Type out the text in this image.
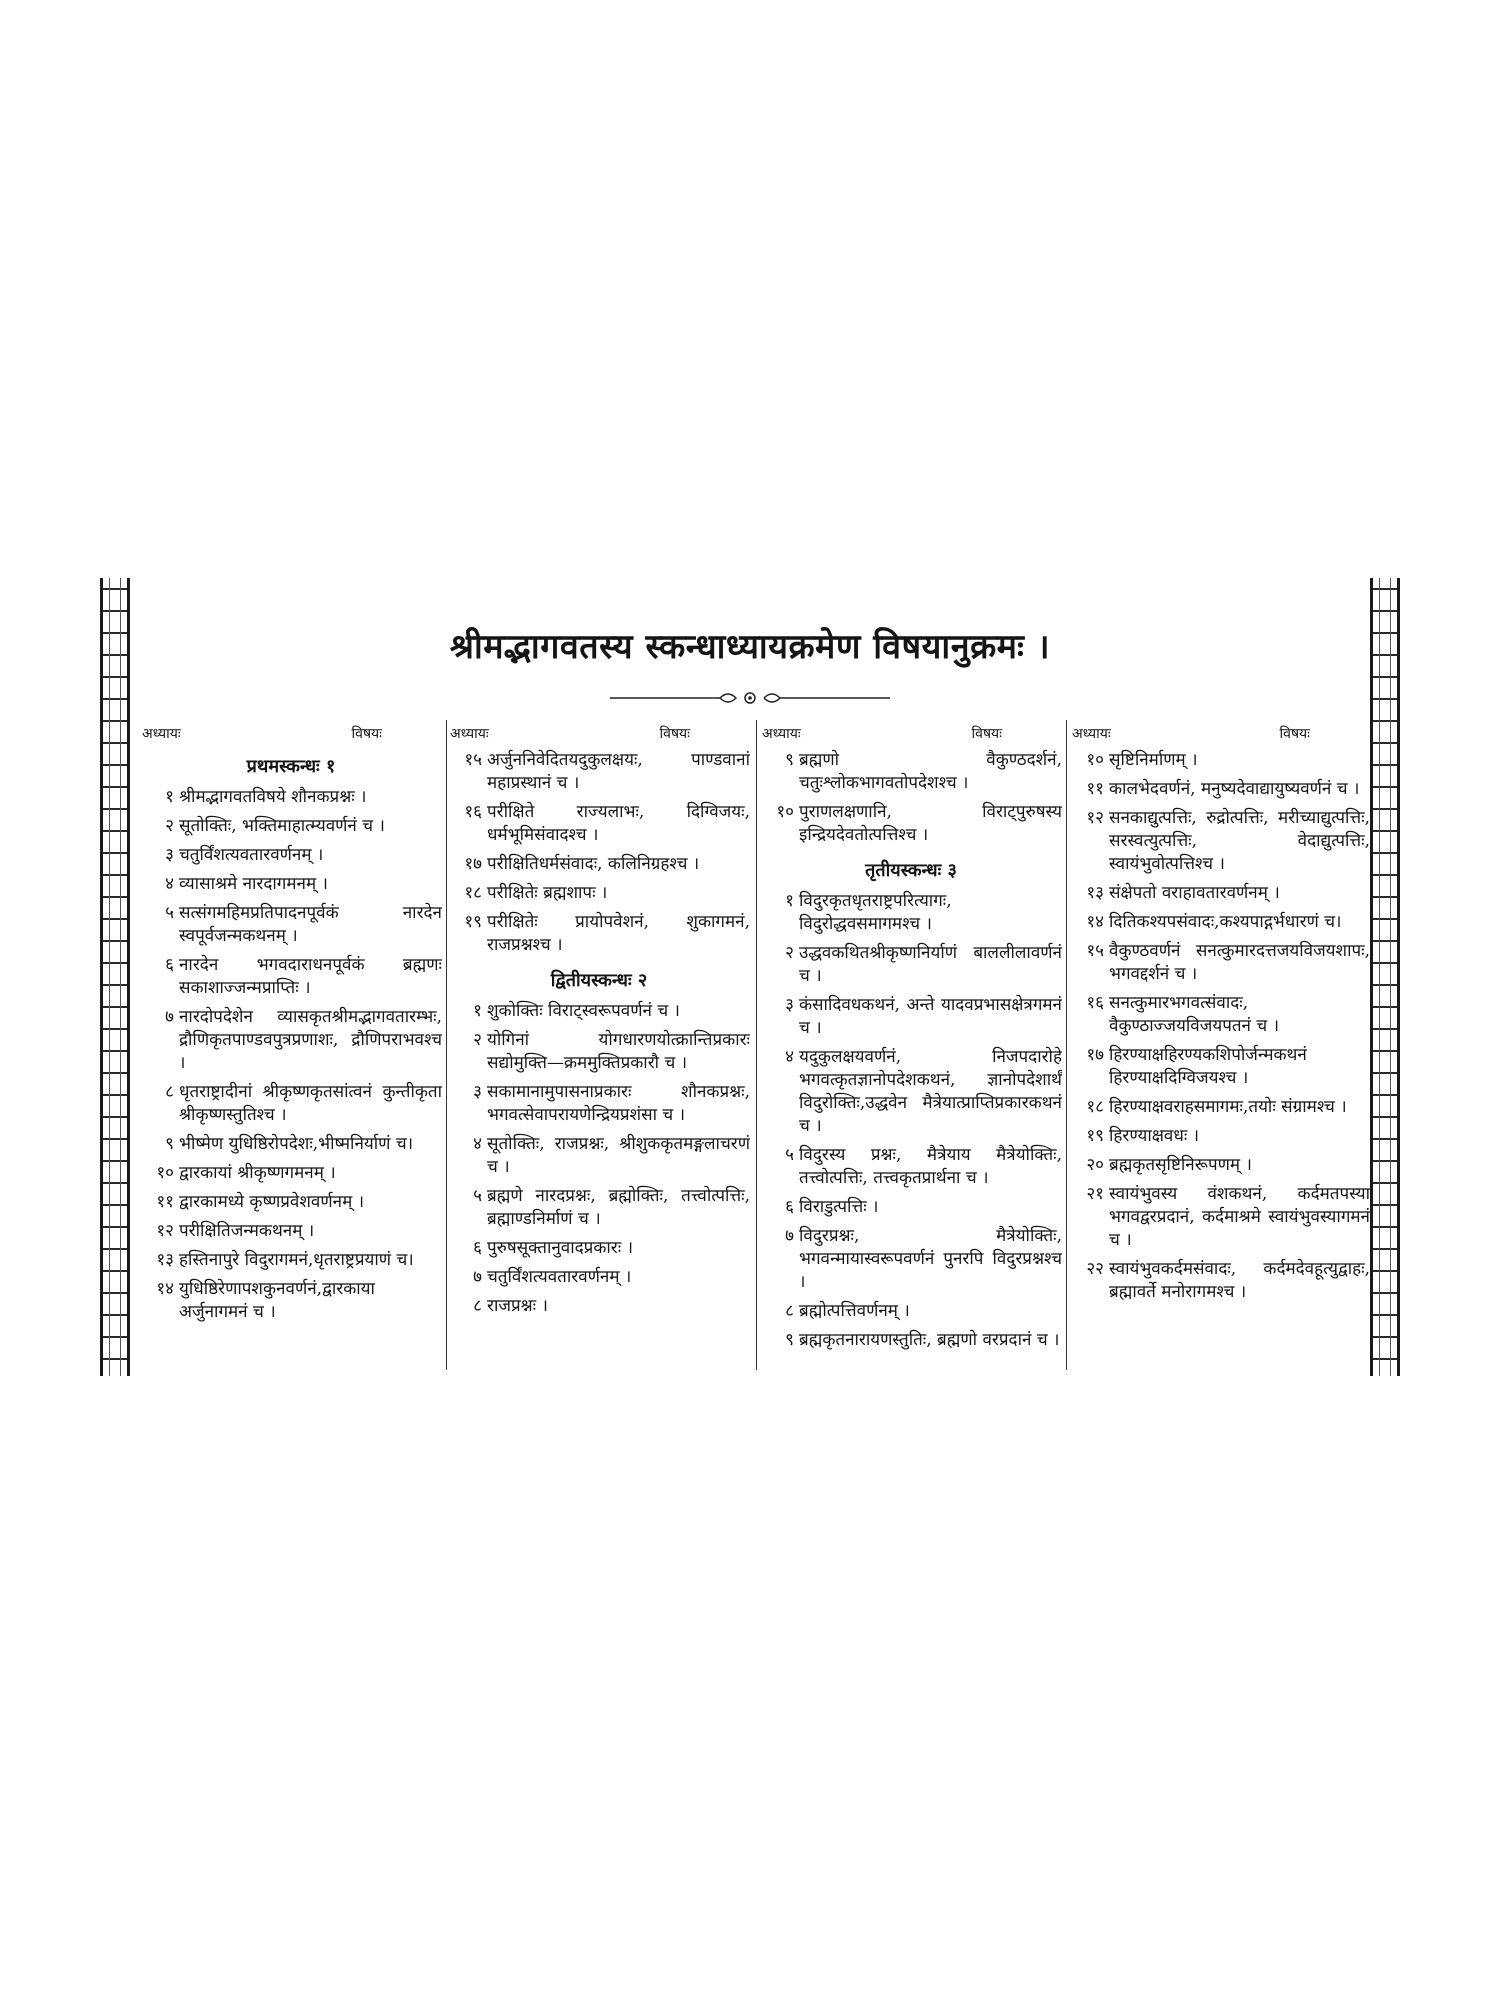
श्रीमद्भागवतस्य स्कन्धाध्यायक्रमेण विषयानुक्रमः ।
अध्यायः	विषयः
प्रथमस्कन्धः १
१ श्रीमद्भागवतविषये शौनकप्रश्नः ।
२ सूतोक्तिः, भक्तिमाहात्म्यवर्णनं च ।
३ चतुर्विंशत्यवतारवर्णनम् ।
४ व्यासाश्रमे नारदागमनम् ।
५ सत्संगमहिमप्रतिपादनपूर्वकं नारदेन स्वपूर्वजन्मकथनम् ।
६ नारदेन भगवदाराधनपूर्वकं ब्रह्मणः सकाशाज्जन्मप्राप्तिः ।
७ नारदोपदेशेन व्यासकृतश्रीमद्भागवतारम्भः, द्रौणिकृतपाण्डवपुत्रप्रणाशः, द्रौणिपराभवश्च ।
८ धृतराष्ट्रादीनां श्रीकृष्णकृतसांत्वनं कुन्तीकृता श्रीकृष्णस्तुतिश्च ।
९ भीष्मेण युधिष्ठिरोपदेशः,भीष्मनिर्याणं च।
१० द्वारकायां श्रीकृष्णगमनम् ।
११ द्वारकामध्ये कृष्णप्रवेशवर्णनम् ।
१२ परीक्षितिजन्मकथनम् ।
१३ हस्तिनापुरे विदुरागमनं,धृतराष्ट्रप्रयाणं च।
१४ युधिष्ठिरेणापशकुनवर्णनं,द्वारकाया अर्जुनागमनं च ।
अध्यायः	विषयः
१५ अर्जुननिवेदितयदुकुलक्षयः, पाण्डवानां महाप्रस्थानं च ।
१६ परीक्षिते राज्यलाभः, दिग्विजयः, धर्मभूमिसंवादश्च ।
१७ परीक्षितिधर्मसंवादः, कलिनिग्रहश्च ।
१८ परीक्षितेः ब्रह्मशापः ।
१९ परीक्षितेः प्रायोपवेशनं, शुकागमनं, राजप्रश्नश्च ।
द्वितीयस्कन्धः २
१ शुकोक्तिः विराट्स्वरूपवर्णनं च ।
२ योगिनां योगधारणयोत्क्रान्तिप्रकारः सद्योमुक्ति—क्रममुक्तिप्रकारौ च ।
३ सकामानामुपासनाप्रकारः शौनकप्रश्नः, भगवत्सेवापरायणेन्द्रियप्रशंसा च ।
४ सूतोक्तिः, राजप्रश्नः, श्रीशुककृतमङ्गलाचरणं च ।
५ ब्रह्मणे नारदप्रश्नः, ब्रह्मोक्तिः, तत्त्वोत्पत्तिः, ब्रह्माण्डनिर्माणं च ।
६ पुरुषसूक्तानुवादप्रकारः ।
७ चतुर्विंशत्यवतारवर्णनम् ।
८ राजप्रश्नः ।
अध्यायः	विषयः
९ ब्रह्मणो वैकुण्ठदर्शनं, चतुःश्लोकभागवतोपदेशश्च ।
१० पुराणलक्षणानि, विराट्पुरुषस्य इन्द्रियदेवतोत्पत्तिश्च ।
तृतीयस्कन्धः ३
१ विदुरकृतधृतराष्ट्रपरित्यागः, विदुरोद्धवसमागमश्च ।
२ उद्धवकथितश्रीकृष्णनिर्याणं बाललीलावर्णनं च ।
३ कंसादिवधकथनं, अन्ते यादवप्रभासक्षेत्रगमनं च ।
४ यदुकुलक्षयवर्णनं, निजपदारोहे भगवत्कृतज्ञानोपदेशकथनं, ज्ञानोपदेशार्थं विदुरोक्तिः,उद्धवेन मैत्रेयात्प्राप्तिप्रकारकथनं च ।
५ विदुरस्य प्रश्नः, मैत्रेयाय मैत्रेयोक्तिः, तत्त्वोत्पत्तिः, तत्त्वकृतप्रार्थना च ।
६ विराडुत्पत्तिः ।
७ विदुरप्रश्नः, मैत्रेयोक्तिः, भगवन्मायास्वरूपवर्णनं पुनरपि विदुरप्रश्नश्च ।
८ ब्रह्मोत्पत्तिवर्णनम् ।
९ ब्रह्मकृतनारायणस्तुतिः, ब्रह्मणो वरप्रदानं च ।
अध्यायः	विषयः
१० सृष्टिनिर्माणम् ।
११ कालभेदवर्णनं, मनुष्यदेवाद्यायुष्यवर्णनं च ।
१२ सनकाद्युत्पत्तिः, रुद्रोत्पत्तिः, मरीच्याद्युत्पत्तिः, सरस्वत्युत्पत्तिः, वेदाद्युत्पत्तिः, स्वायंभुवोत्पत्तिश्च ।
१३ संक्षेपतो वराहावतारवर्णनम् ।
१४ दितिकश्यपसंवादः,कश्यपाद्गर्भधारणं च।
१५ वैकुण्ठवर्णनं सनत्कुमारदत्तजयविजयशापः, भगवद्दर्शनं च ।
१६ सनत्कुमारभगवत्संवादः, वैकुण्ठाज्जयविजयपतनं च ।
१७ हिरण्याक्षहिरण्यकशिपोर्जन्मकथनं हिरण्याक्षदिग्विजयश्च ।
१८ हिरण्याक्षवराहसमागमः,तयोः संग्रामश्च ।
१९ हिरण्याक्षवधः ।
२० ब्रह्मकृतसृष्टिनिरूपणम् ।
२१ स्वायंभुवस्य वंशकथनं, कर्दमतपस्या भगवद्वरप्रदानं, कर्दमाश्रमे स्वायंभुवस्यागमनं च ।
२२ स्वायंभुवकर्दमसंवादः, कर्दमदेवहूत्युद्वाहः, ब्रह्मावर्ते मनोरागमश्च ।
